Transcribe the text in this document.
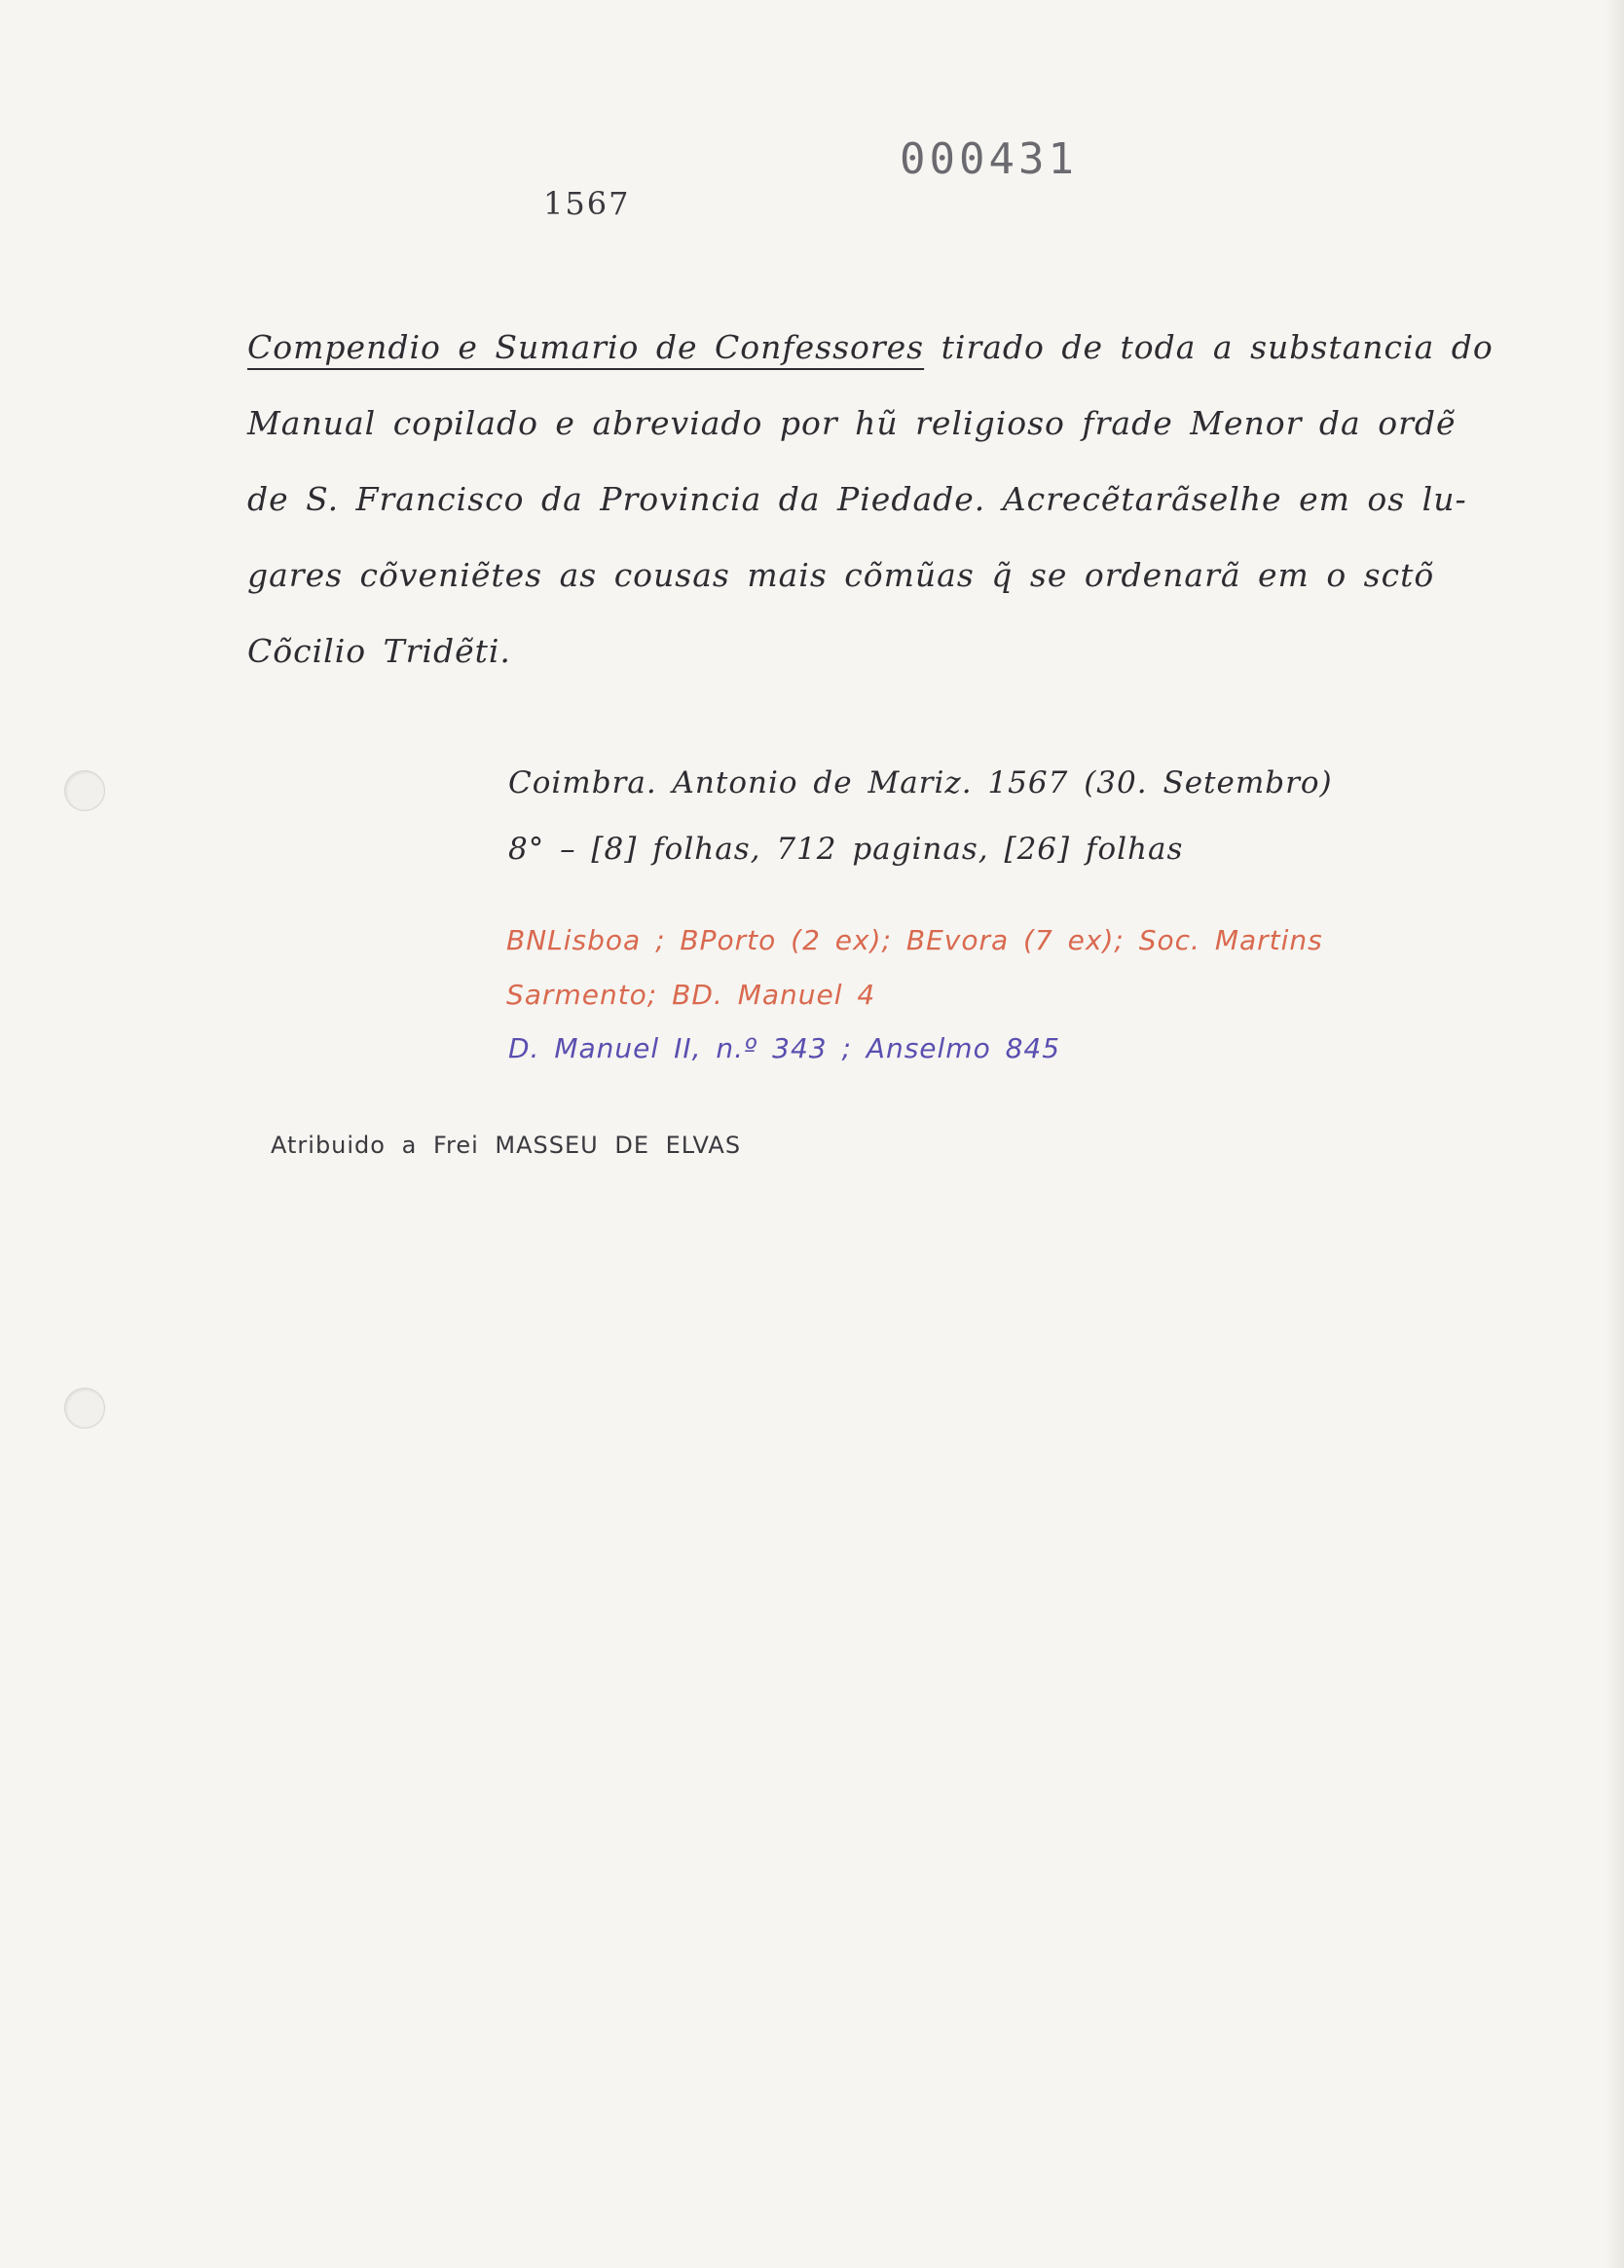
000431
1567
Compendio e Sumario de Confessores tirado de toda a substancia do
Manual copilado e abreviado por hũ religioso frade Menor da ordẽ
de S. Francisco da Provincia da Piedade. Acrecẽtarãselhe em os lu-
gares cõveniẽtes as cousas mais cõmũas q̃ se ordenarã em o sctõ
Cõcilio Tridẽti.
Coimbra. Antonio de Mariz. 1567 (30. Setembro)
8° – [8] folhas, 712 paginas, [26] folhas
BNLisboa ; BPorto (2 ex); BEvora (7 ex); Soc. Martins
Sarmento; BD. Manuel 4
D. Manuel II, n.º 343 ; Anselmo 845
Atribuido a Frei MASSEU DE ELVAS
